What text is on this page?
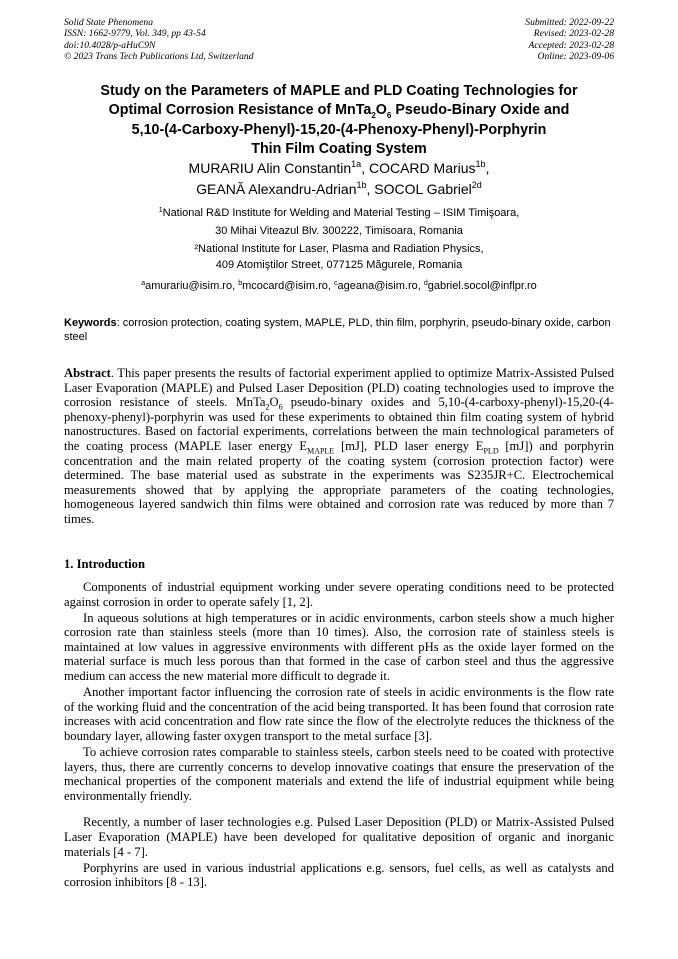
Solid State Phenomena
ISSN: 1662-9779, Vol. 349, pp 43-54
doi:10.4028/p-aHuC9N
© 2023 Trans Tech Publications Ltd, Switzerland
Submitted: 2022-09-22
Revised: 2023-02-28
Accepted: 2023-02-28
Online: 2023-09-06
Study on the Parameters of MAPLE and PLD Coating Technologies for
Optimal Corrosion Resistance of $MnTa_2O_6$ Pseudo-Binary Oxide and
5,10-(4-Carboxy-Phenyl)-15,20-(4-Phenoxy-Phenyl)-Porphyrin
Thin Film Coating System
MURARIU Alin Constantin$^{1a}$, COCARD Marius$^{1b}$,
GEANĂ Alexandru-Adrian$^{1b}$, SOCOL Gabriel$^{2d}$
$^1$National R&D Institute for Welding and Material Testing – ISIM Timişoara,
30 Mihai Viteazul Blv. 300222, Timisoara, Romania
²National Institute for Laser, Plasma and Radiation Physics,
409 Atomiştilor Street, 077125 Măgurele, Romania
$^a$amurariu@isim.ro, $^b$mcocard@isim.ro, $^c$ageana@isim.ro, $^d$gabriel.socol@inflpr.ro
Keywords: corrosion protection, coating system, MAPLE, PLD, thin film, porphyrin, pseudo-binary oxide, carbon steel
Abstract. This paper presents the results of factorial experiment applied to optimize Matrix-Assisted Pulsed Laser Evaporation (MAPLE) and Pulsed Laser Deposition (PLD) coating technologies used to improve the corrosion resistance of steels. $MnTa_2O_6$ pseudo-binary oxides and 5,10-(4-carboxy-phenyl)-15,20-(4-phenoxy-phenyl)-porphyrin was used for these experiments to obtained thin film coating system of hybrid nanostructures. Based on factorial experiments, correlations between the main technological parameters of the coating process (MAPLE laser energy $E_{MAPLE}$ [mJ], PLD laser energy $E_{PLD}$ [mJ]) and porphyrin concentration and the main related property of the coating system (corrosion protection factor) were determined. The base material used as substrate in the experiments was S235JR+C. Electrochemical measurements showed that by applying the appropriate parameters of the coating technologies, homogeneous layered sandwich thin films were obtained and corrosion rate was reduced by more than 7 times.
1. Introduction

Components of industrial equipment working under severe operating conditions need to be protected against corrosion in order to operate safely [1, 2].

In aqueous solutions at high temperatures or in acidic environments, carbon steels show a much higher corrosion rate than stainless steels (more than 10 times). Also, the corrosion rate of stainless steels is maintained at low values in aggressive environments with different pHs as the oxide layer formed on the material surface is much less porous than that formed in the case of carbon steel and thus the aggressive medium can access the new material more difficult to degrade it.

Another important factor influencing the corrosion rate of steels in acidic environments is the flow rate of the working fluid and the concentration of the acid being transported. It has been found that corrosion rate increases with acid concentration and flow rate since the flow of the electrolyte reduces the thickness of the boundary layer, allowing faster oxygen transport to the metal surface [3].

To achieve corrosion rates comparable to stainless steels, carbon steels need to be coated with protective layers, thus, there are currently concerns to develop innovative coatings that ensure the preservation of the mechanical properties of the component materials and extend the life of industrial equipment while being environmentally friendly.

Recently, a number of laser technologies e.g. Pulsed Laser Deposition (PLD) or Matrix-Assisted Pulsed Laser Evaporation (MAPLE) have been developed for qualitative deposition of organic and inorganic materials [4 - 7].

Porphyrins are used in various industrial applications e.g. sensors, fuel cells, as well as catalysts and corrosion inhibitors [8 - 13].
